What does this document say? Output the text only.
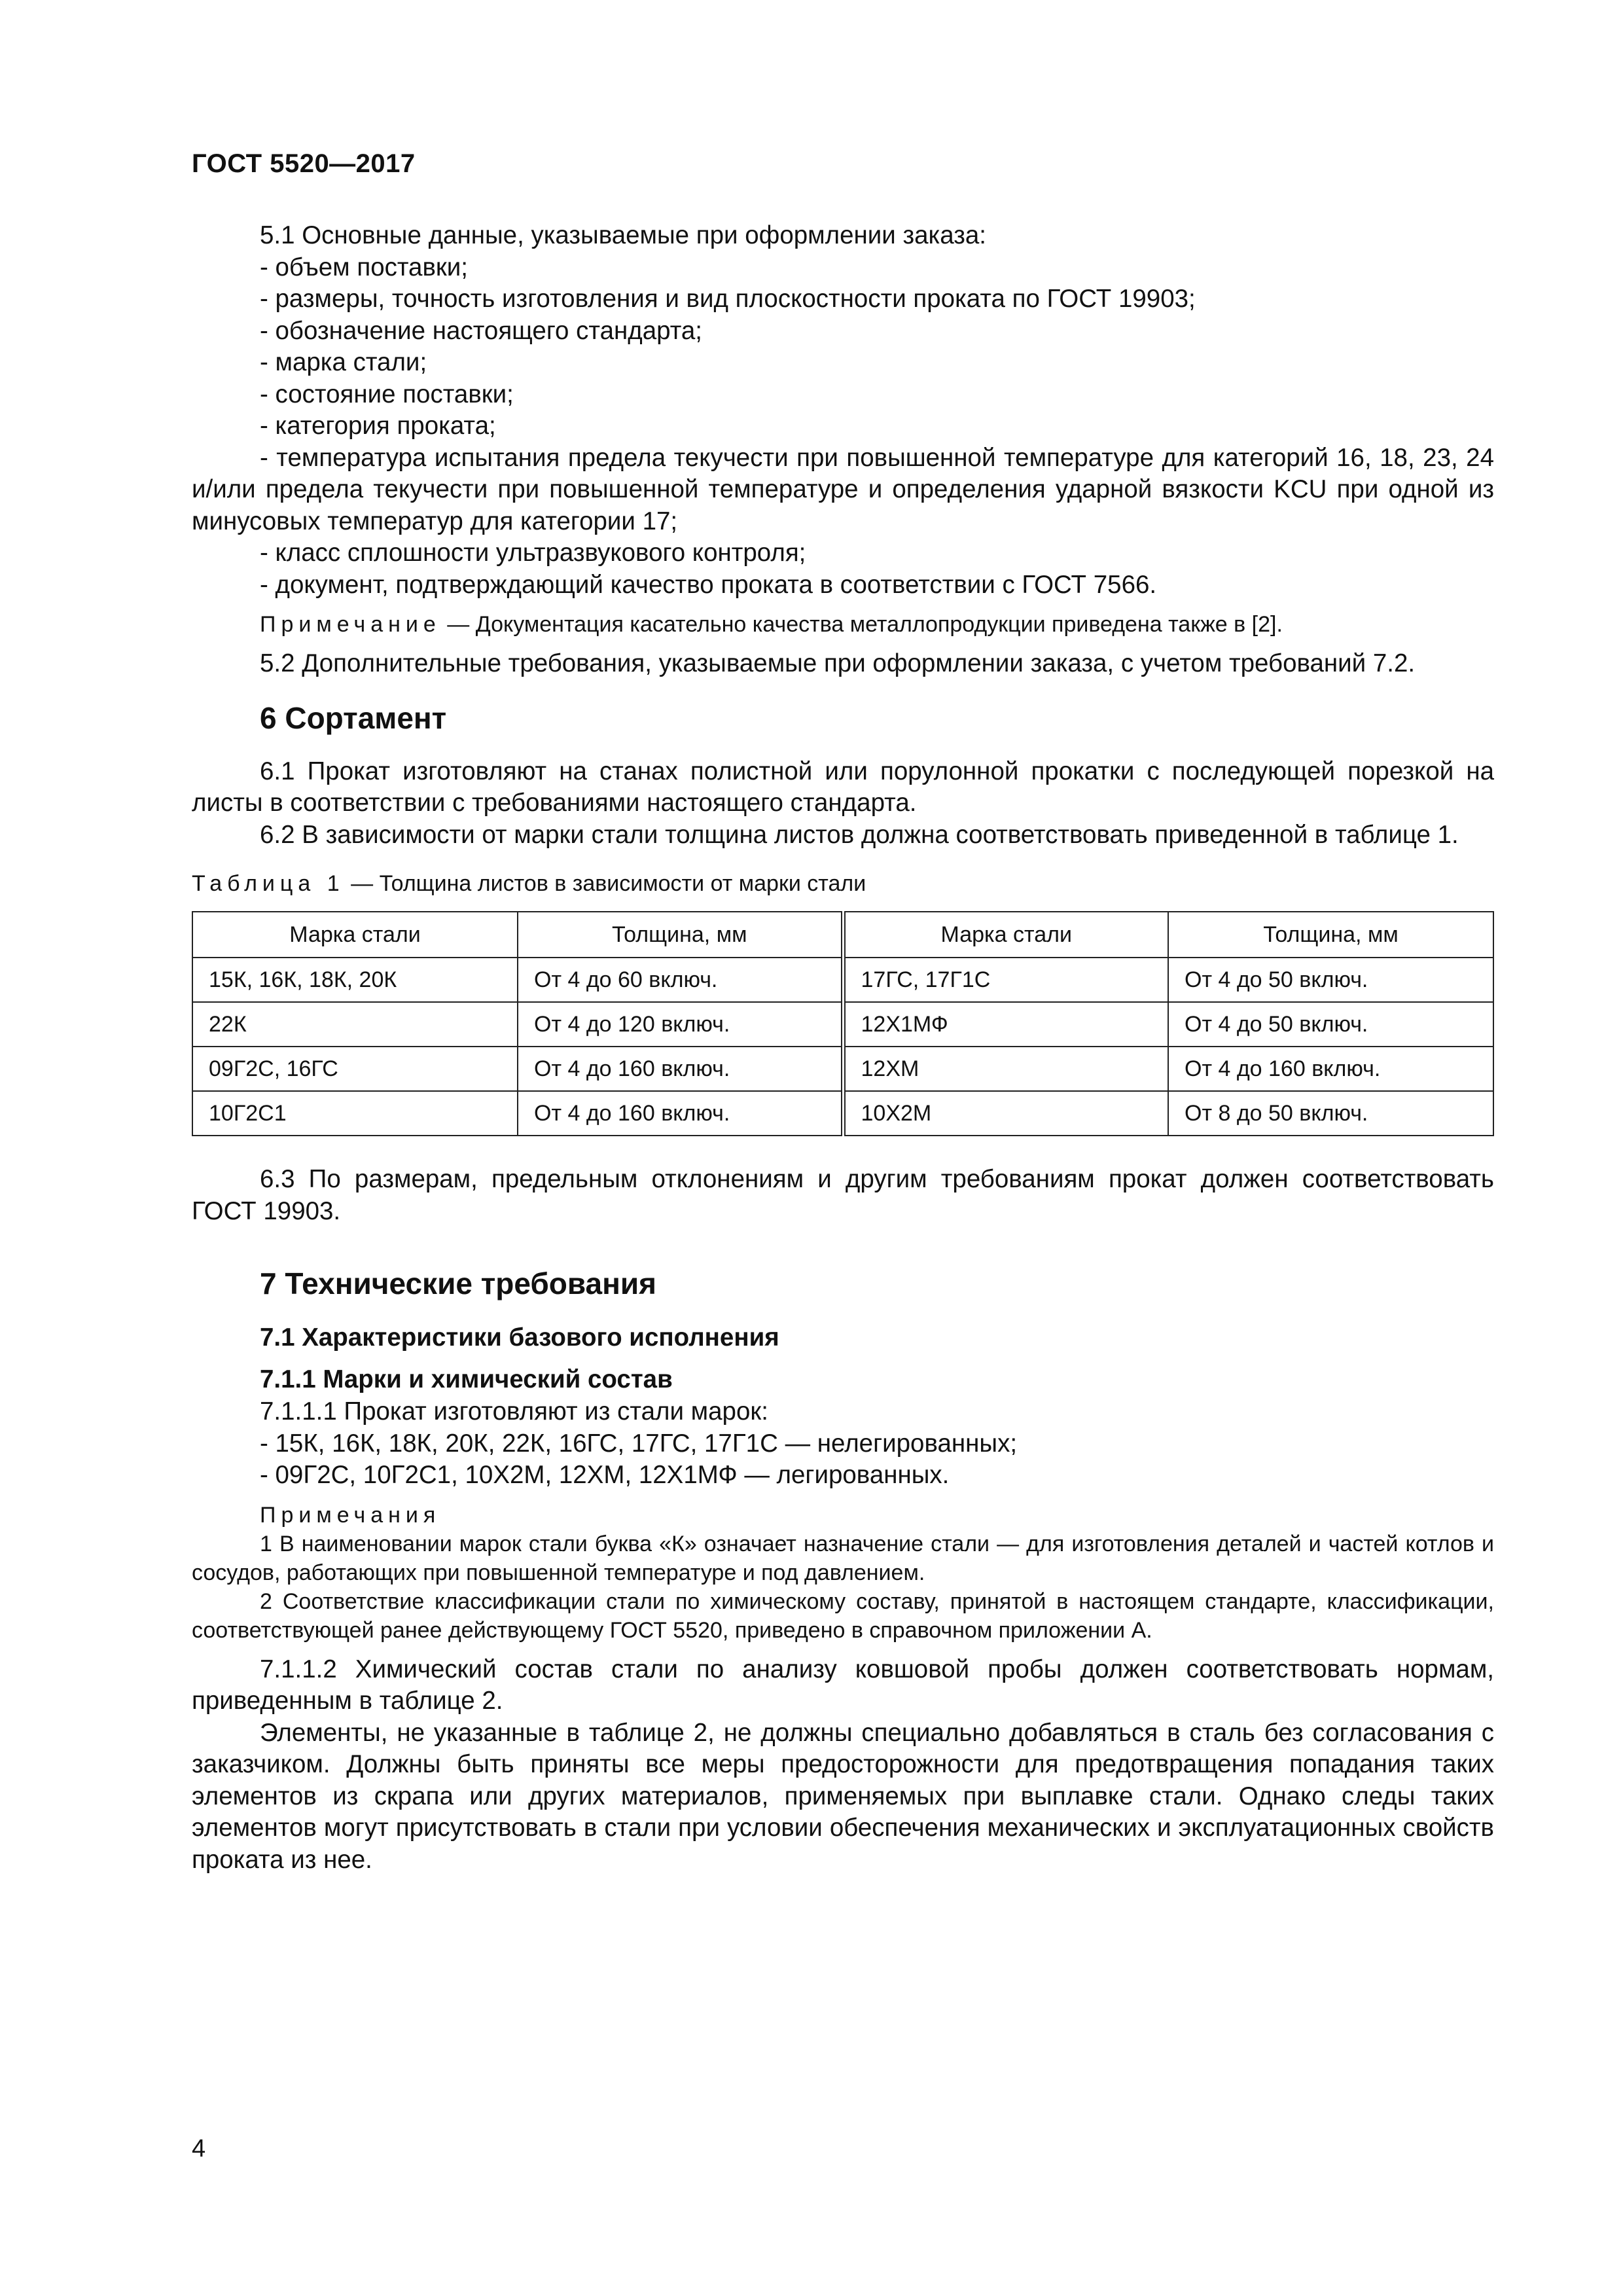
ГОСТ 5520—2017

5.1 Основные данные, указываемые при оформлении заказа:

- объем поставки;

- размеры, точность изготовления и вид плоскостности проката по ГОСТ 19903;

- обозначение настоящего стандарта;

- марка стали;

- состояние поставки;

- категория проката;

- температура испытания предела текучести при повышенной температуре для категорий 16, 18, 23, 24 и/или предела текучести при повышенной температуре и определения ударной вязкости KCU при одной из минусовых температур для категории 17;

- класс сплошности ультразвукового контроля;

- документ, подтверждающий качество проката в соответствии с ГОСТ 7566.

Примечание — Документация касательно качества металлопродукции приведена также в [2].

5.2 Дополнительные требования, указываемые при оформлении заказа, с учетом требований 7.2.

6 Сортамент

6.1 Прокат изготовляют на станах полистной или порулонной прокатки с последующей порезкой на листы в соответствии с требованиями настоящего стандарта.

6.2 В зависимости от марки стали толщина листов должна соответствовать приведенной в таблице 1.

Таблица 1 — Толщина листов в зависимости от марки стали

Марка стали	Толщина, мм	Марка стали	Толщина, мм
15К, 16К, 18К, 20К	От 4 до 60 включ.	17ГС, 17Г1С	От 4 до 50 включ.
22К	От 4 до 120 включ.	12Х1МФ	От 4 до 50 включ.
09Г2С, 16ГС	От 4 до 160 включ.	12ХМ	От 4 до 160 включ.
10Г2С1	От 4 до 160 включ.	10Х2М	От 8 до 50 включ.

6.3 По размерам, предельным отклонениям и другим требованиям прокат должен соответствовать ГОСТ 19903.

7 Технические требования

7.1 Характеристики базового исполнения

7.1.1 Марки и химический состав

7.1.1.1 Прокат изготовляют из стали марок:

- 15К, 16К, 18К, 20К, 22К, 16ГС, 17ГС, 17Г1С — нелегированных;

- 09Г2С, 10Г2С1, 10Х2М, 12ХМ, 12Х1МФ — легированных.

Примечания

1 В наименовании марок стали буква «К» означает назначение стали — для изготовления деталей и частей котлов и сосудов, работающих при повышенной температуре и под давлением.

2 Соответствие классификации стали по химическому составу, принятой в настоящем стандарте, классификации, соответствующей ранее действующему ГОСТ 5520, приведено в справочном приложении А.

7.1.1.2 Химический состав стали по анализу ковшовой пробы должен соответствовать нормам, приведенным в таблице 2.

Элементы, не указанные в таблице 2, не должны специально добавляться в сталь без согласования с заказчиком. Должны быть приняты все меры предосторожности для предотвращения попадания таких элементов из скрапа или других материалов, применяемых при выплавке стали. Однако следы таких элементов могут присутствовать в стали при условии обеспечения механических и эксплуатационных свойств проката из нее.

4
